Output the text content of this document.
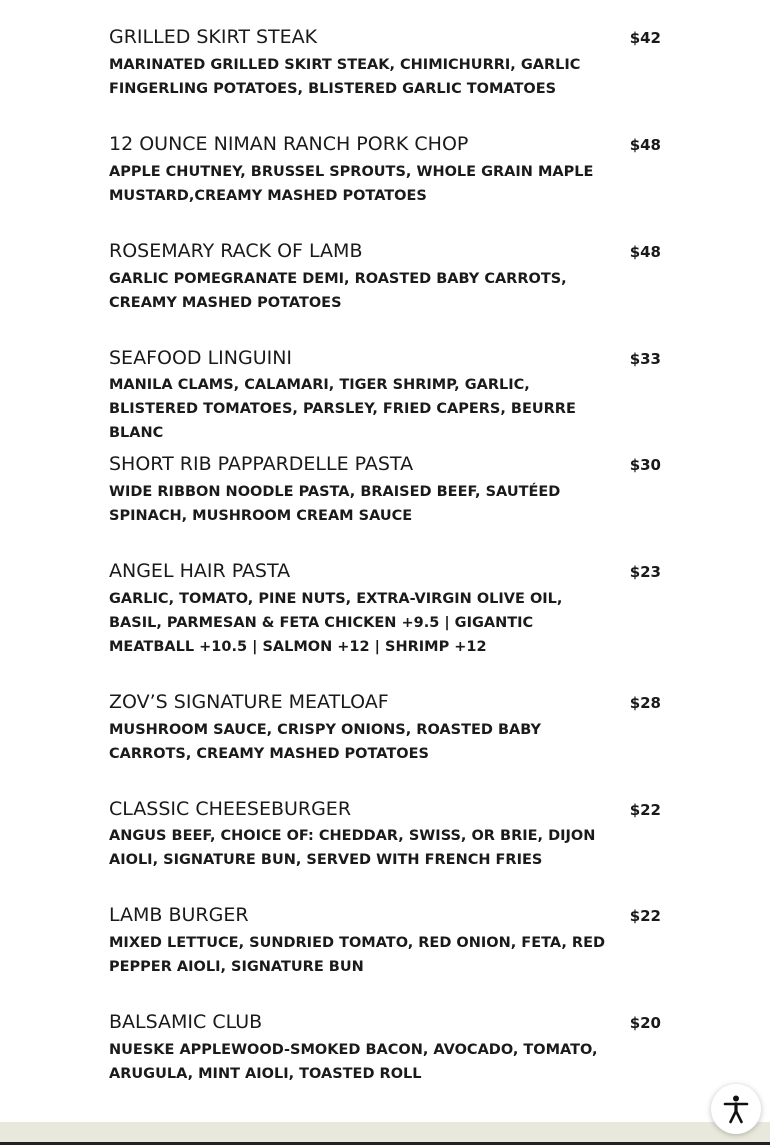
GRILLED SKIRT STEAK	$42
MARINATED GRILLED SKIRT STEAK, CHIMICHURRI, GARLIC FINGERLING POTATOES, BLISTERED GARLIC TOMATOES
12 OUNCE NIMAN RANCH PORK CHOP	$48
APPLE CHUTNEY, BRUSSEL SPROUTS, WHOLE GRAIN MAPLE MUSTARD,CREAMY MASHED POTATOES
ROSEMARY RACK OF LAMB	$48
GARLIC POMEGRANATE DEMI, ROASTED BABY CARROTS, CREAMY MASHED POTATOES
SEAFOOD LINGUINI	$33
MANILA CLAMS, CALAMARI, TIGER SHRIMP, GARLIC, BLISTERED TOMATOES, PARSLEY, FRIED CAPERS, BEURRE BLANC
SHORT RIB PAPPARDELLE PASTA	$30
WIDE RIBBON NOODLE PASTA, BRAISED BEEF, SAUTÉED SPINACH, MUSHROOM CREAM SAUCE
ANGEL HAIR PASTA	$23
GARLIC, TOMATO, PINE NUTS, EXTRA-VIRGIN OLIVE OIL, BASIL, PARMESAN & FETA CHICKEN +9.5 | GIGANTIC MEATBALL +10.5 | SALMON +12 | SHRIMP +12
ZOV’S SIGNATURE MEATLOAF	$28
MUSHROOM SAUCE, CRISPY ONIONS, ROASTED BABY CARROTS, CREAMY MASHED POTATOES
CLASSIC CHEESEBURGER	$22
ANGUS BEEF, CHOICE OF: CHEDDAR, SWISS, OR BRIE, DIJON AIOLI, SIGNATURE BUN, SERVED WITH FRENCH FRIES
LAMB BURGER	$22
MIXED LETTUCE, SUNDRIED TOMATO, RED ONION, FETA, RED PEPPER AIOLI, SIGNATURE BUN
BALSAMIC CLUB	$20
NUESKE APPLEWOOD-SMOKED BACON, AVOCADO, TOMATO, ARUGULA, MINT AIOLI, TOASTED ROLL
